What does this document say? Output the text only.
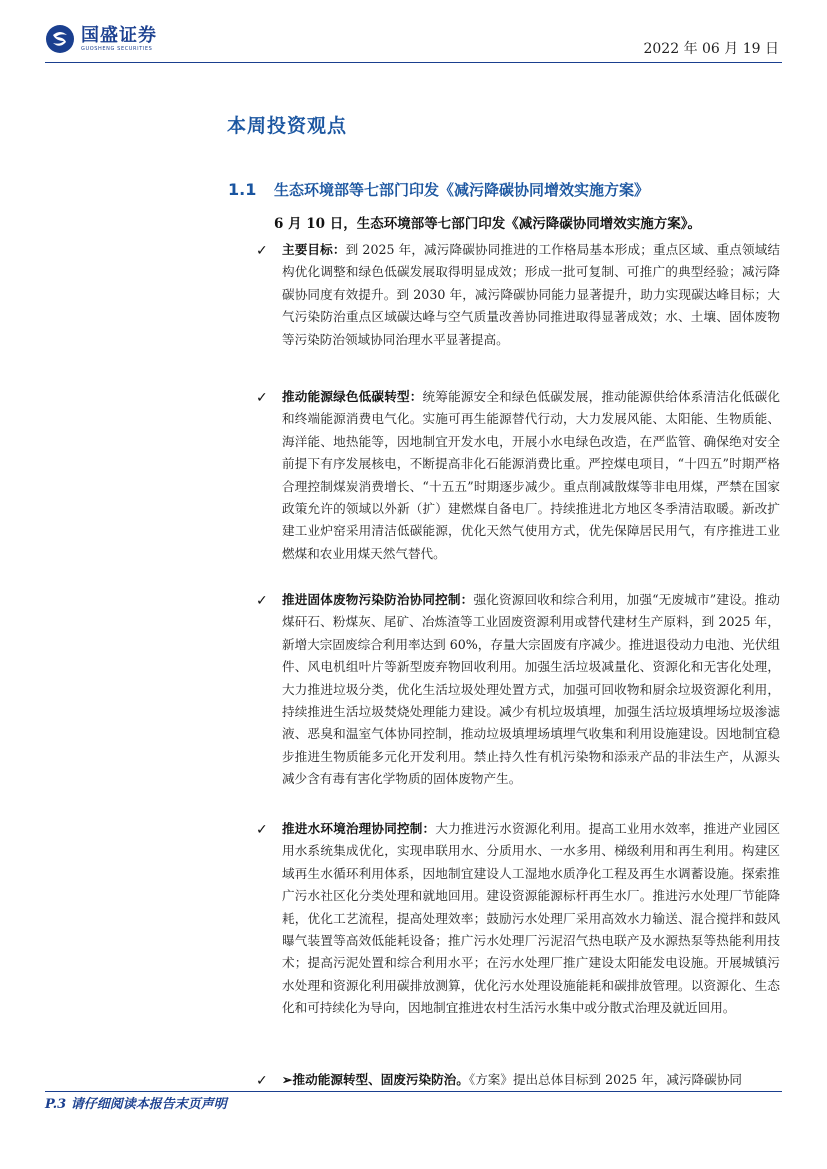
国盛证券
GUOSHENG SECURITIES	2022 年 06 月 19 日
本周投资观点
1.1 生态环境部等七部门印发《减污降碳协同增效实施方案》
6 月 10 日，生态环境部等七部门印发《减污降碳协同增效实施方案》。
✓ 主要目标：到 2025 年，减污降碳协同推进的工作格局基本形成；重点区域、重点领域结构优化调整和绿色低碳发展取得明显成效；形成一批可复制、可推广的典型经验；减污降碳协同度有效提升。到 2030 年，减污降碳协同能力显著提升，助力实现碳达峰目标；大气污染防治重点区域碳达峰与空气质量改善协同推进取得显著成效；水、土壤、固体废物等污染防治领域协同治理水平显著提高。
✓ 推动能源绿色低碳转型：统筹能源安全和绿色低碳发展，推动能源供给体系清洁化低碳化和终端能源消费电气化。实施可再生能源替代行动，大力发展风能、太阳能、生物质能、海洋能、地热能等，因地制宜开发水电，开展小水电绿色改造，在严监管、确保绝对安全前提下有序发展核电，不断提高非化石能源消费比重。严控煤电项目，“十四五”时期严格合理控制煤炭消费增长、“十五五”时期逐步减少。重点削减散煤等非电用煤，严禁在国家政策允许的领域以外新（扩）建燃煤自备电厂。持续推进北方地区冬季清洁取暖。新改扩建工业炉窑采用清洁低碳能源，优化天然气使用方式，优先保障居民用气，有序推进工业燃煤和农业用煤天然气替代。
✓ 推进固体废物污染防治协同控制：强化资源回收和综合利用，加强“无废城市”建设。推动煤矸石、粉煤灰、尾矿、冶炼渣等工业固废资源利用或替代建材生产原料，到 2025 年，新增大宗固废综合利用率达到 60%，存量大宗固废有序减少。推进退役动力电池、光伏组件、风电机组叶片等新型废弃物回收利用。加强生活垃圾减量化、资源化和无害化处理，大力推进垃圾分类，优化生活垃圾处理处置方式，加强可回收物和厨余垃圾资源化利用，持续推进生活垃圾焚烧处理能力建设。减少有机垃圾填埋，加强生活垃圾填埋场垃圾渗滤液、恶臭和温室气体协同控制，推动垃圾填埋场填埋气收集和利用设施建设。因地制宜稳步推进生物质能多元化开发利用。禁止持久性有机污染物和添汞产品的非法生产，从源头减少含有毒有害化学物质的固体废物产生。
✓ 推进水环境治理协同控制：大力推进污水资源化利用。提高工业用水效率，推进产业园区用水系统集成优化，实现串联用水、分质用水、一水多用、梯级利用和再生利用。构建区域再生水循环利用体系，因地制宜建设人工湿地水质净化工程及再生水调蓄设施。探索推广污水社区化分类处理和就地回用。建设资源能源标杆再生水厂。推进污水处理厂节能降耗，优化工艺流程，提高处理效率；鼓励污水处理厂采用高效水力输送、混合搅拌和鼓风曝气装置等高效低能耗设备；推广污水处理厂污泥沼气热电联产及水源热泵等热能利用技术；提高污泥处置和综合利用水平；在污水处理厂推广建设太阳能发电设施。开展城镇污水处理和资源化利用碳排放测算，优化污水处理设施能耗和碳排放管理。以资源化、生态化和可持续化为导向，因地制宜推进农村生活污水集中或分散式治理及就近回用。
✓ ➢推动能源转型、固废污染防治。《方案》提出总体目标到 2025 年，减污降碳协同
P.3 请仔细阅读本报告末页声明
